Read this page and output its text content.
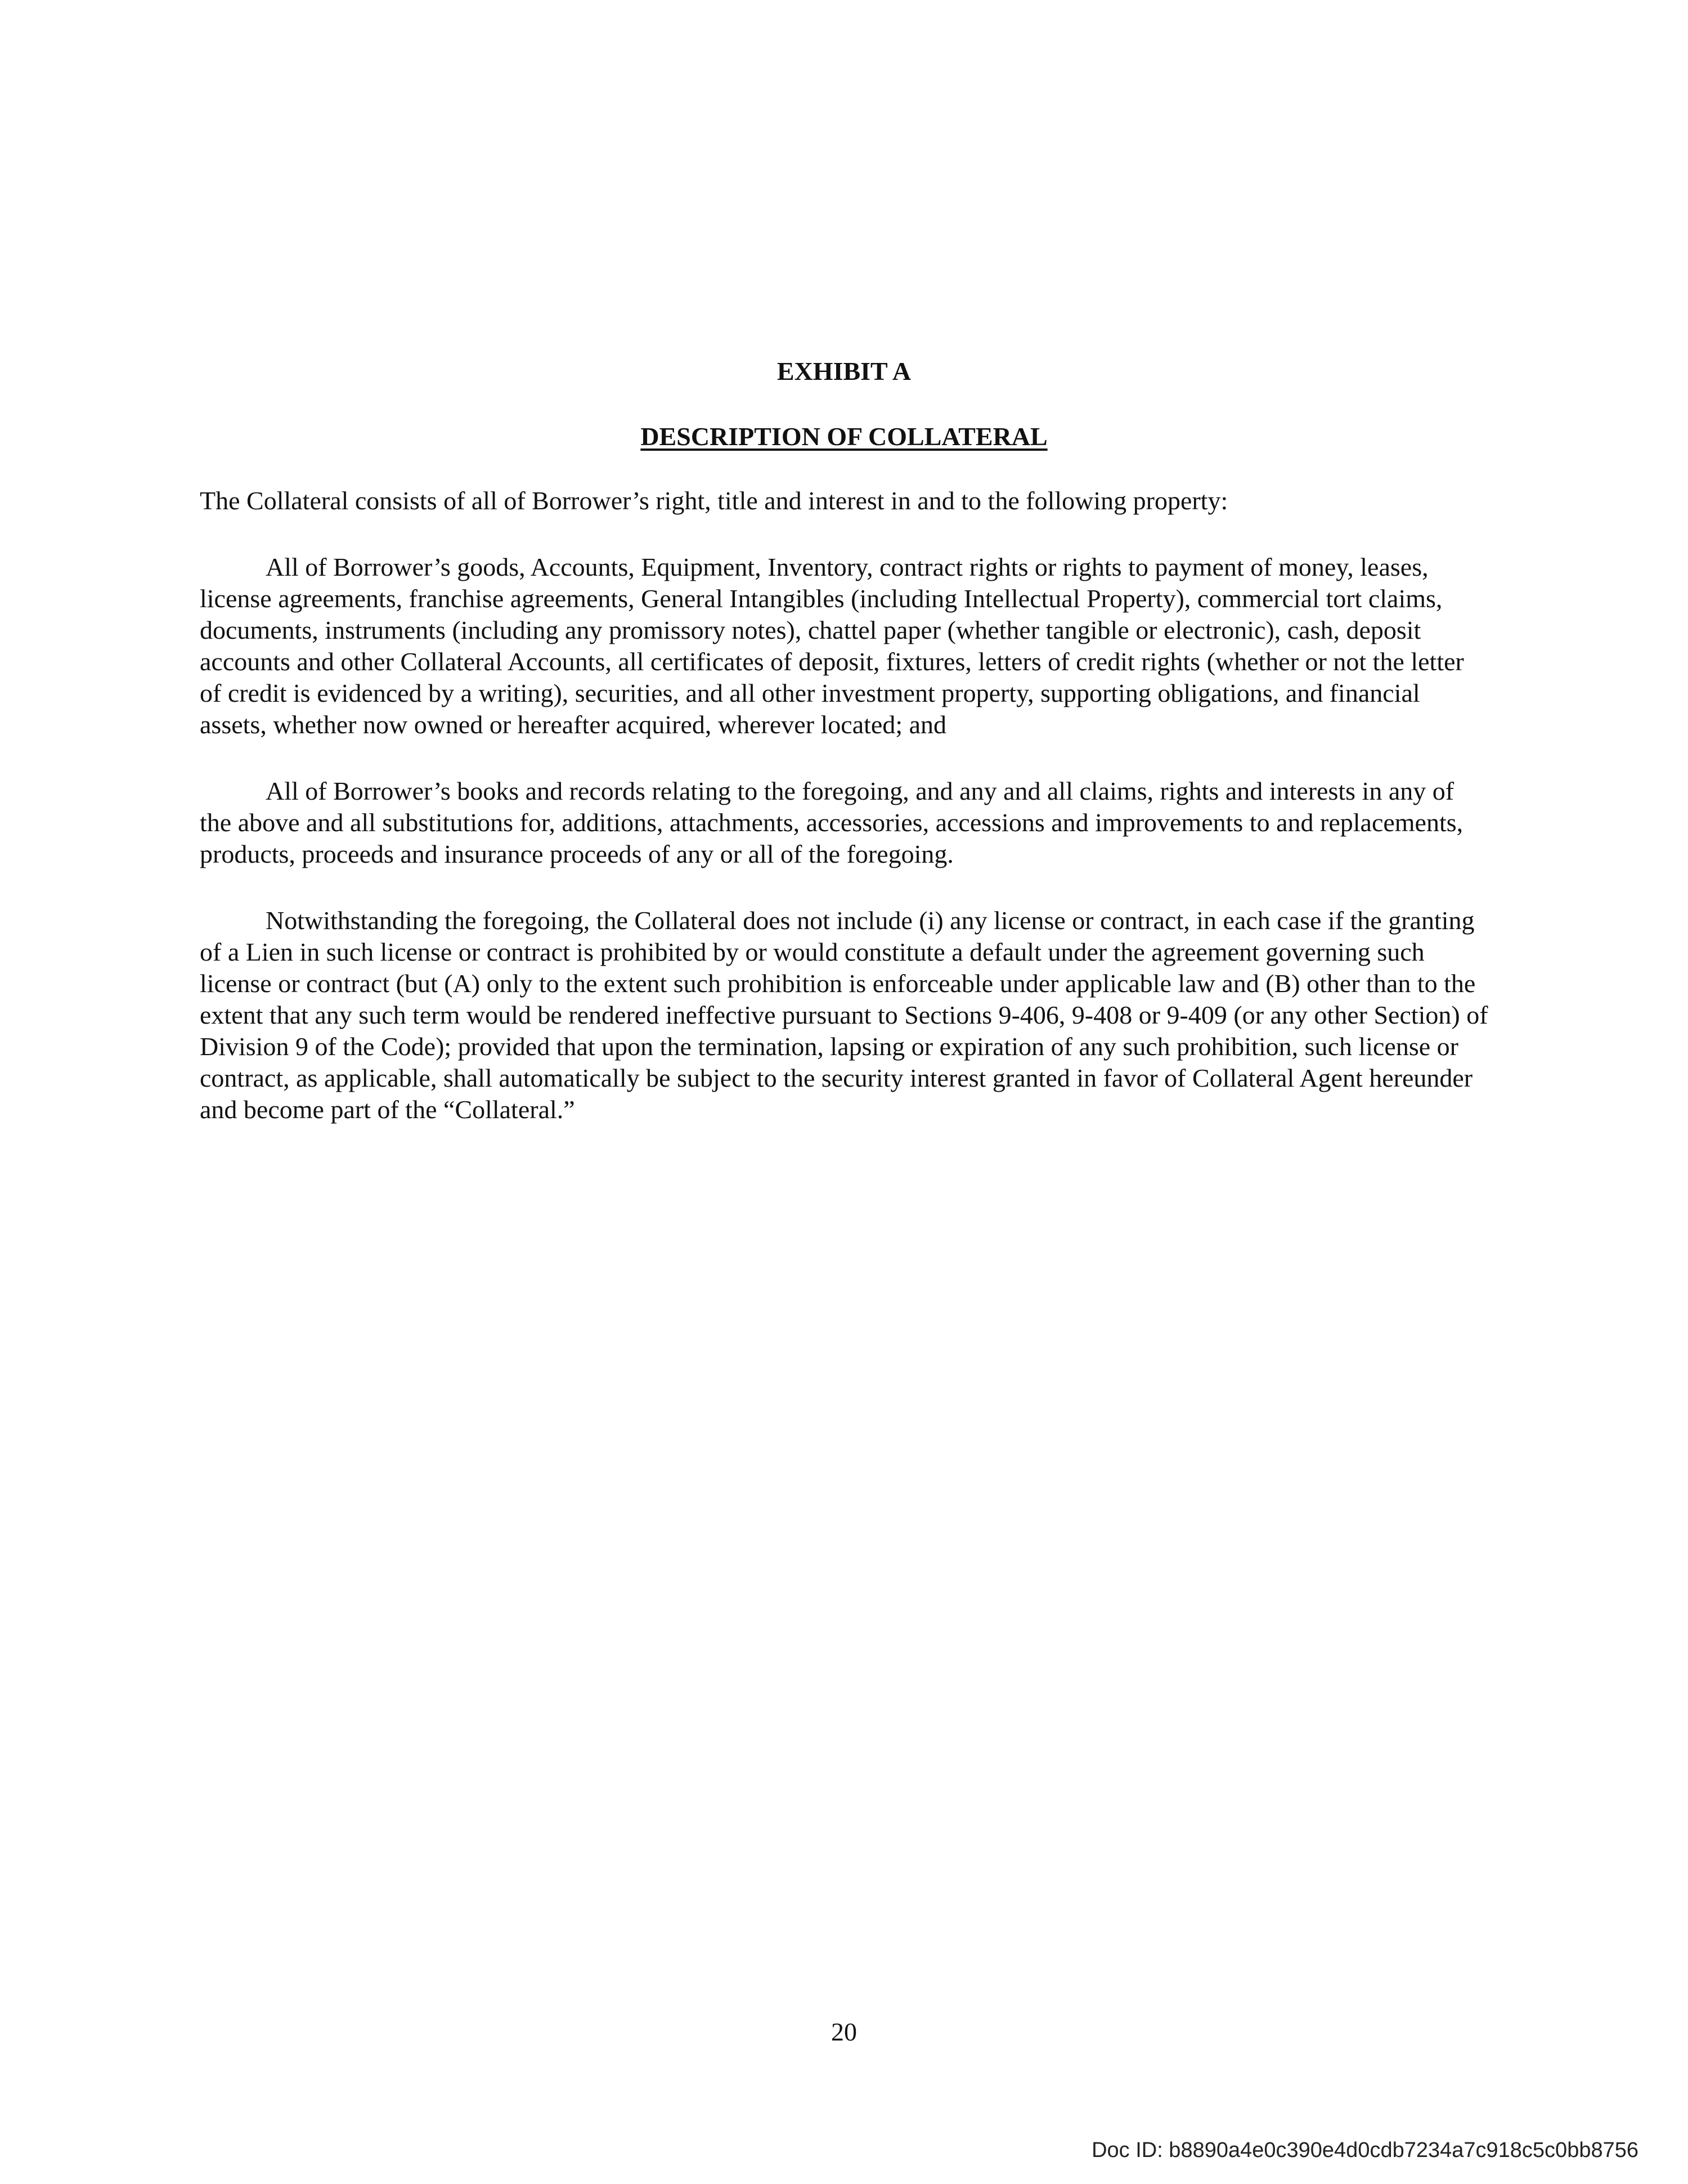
EXHIBIT A
DESCRIPTION OF COLLATERAL

The Collateral consists of all of Borrower’s right, title and interest in and to the following property:

All of Borrower’s goods, Accounts, Equipment, Inventory, contract rights or rights to payment of money, leases, license agreements, franchise agreements, General Intangibles (including Intellectual Property), commercial tort claims, documents, instruments (including any promissory notes), chattel paper (whether tangible or electronic), cash, deposit accounts and other Collateral Accounts, all certificates of deposit, fixtures, letters of credit rights (whether or not the letter of credit is evidenced by a writing), securities, and all other investment property, supporting obligations, and financial assets, whether now owned or hereafter acquired, wherever located; and

All of Borrower’s books and records relating to the foregoing, and any and all claims, rights and interests in any of the above and all substitutions for, additions, attachments, accessories, accessions and improvements to and replacements, products, proceeds and insurance proceeds of any or all of the foregoing.

Notwithstanding the foregoing, the Collateral does not include (i) any license or contract, in each case if the granting of a Lien in such license or contract is prohibited by or would constitute a default under the agreement governing such license or contract (but (A) only to the extent such prohibition is enforceable under applicable law and (B) other than to the extent that any such term would be rendered ineffective pursuant to Sections 9-406, 9-408 or 9-409 (or any other Section) of Division 9 of the Code); provided that upon the termination, lapsing or expiration of any such prohibition, such license or contract, as applicable, shall automatically be subject to the security interest granted in favor of Collateral Agent hereunder and become part of the “Collateral.”

20
Doc ID: b8890a4e0c390e4d0cdb7234a7c918c5c0bb8756
